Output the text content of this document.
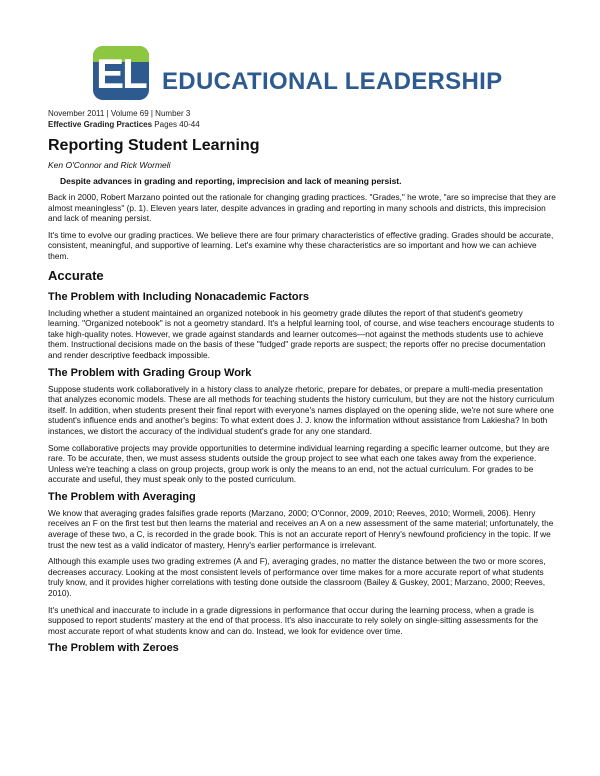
EL EDUCATIONAL LEADERSHIP
November 2011 | Volume 69 | Number 3
Effective Grading Practices Pages 40-44
Reporting Student Learning
Ken O'Connor and Rick Wormeli
Despite advances in grading and reporting, imprecision and lack of meaning persist.

Back in 2000, Robert Marzano pointed out the rationale for changing grading practices. "Grades," he wrote, "are so imprecise that they are almost meaningless" (p. 1). Eleven years later, despite advances in grading and reporting in many schools and districts, this imprecision and lack of meaning persist.

It's time to evolve our grading practices. We believe there are four primary characteristics of effective grading. Grades should be accurate, consistent, meaningful, and supportive of learning. Let's examine why these characteristics are so important and how we can achieve them.

Accurate
The Problem with Including Nonacademic Factors

Including whether a student maintained an organized notebook in his geometry grade dilutes the report of that student's geometry learning. "Organized notebook" is not a geometry standard. It's a helpful learning tool, of course, and wise teachers encourage students to take high-quality notes. However, we grade against standards and learner outcomes—not against the methods students use to achieve them. Instructional decisions made on the basis of these "fudged" grade reports are suspect; the reports offer no precise documentation and render descriptive feedback impossible.

The Problem with Grading Group Work

Suppose students work collaboratively in a history class to analyze rhetoric, prepare for debates, or prepare a multi-media presentation that analyzes economic models. These are all methods for teaching students the history curriculum, but they are not the history curriculum itself. In addition, when students present their final report with everyone's names displayed on the opening slide, we're not sure where one student's influence ends and another's begins: To what extent does J. J. know the information without assistance from Lakiesha? In both instances, we distort the accuracy of the individual student's grade for any one standard.

Some collaborative projects may provide opportunities to determine individual learning regarding a specific learner outcome, but they are rare. To be accurate, then, we must assess students outside the group project to see what each one takes away from the experience. Unless we're teaching a class on group projects, group work is only the means to an end, not the actual curriculum. For grades to be accurate and useful, they must speak only to the posted curriculum.

The Problem with Averaging

We know that averaging grades falsifies grade reports (Marzano, 2000; O'Connor, 2009, 2010; Reeves, 2010; Wormeli, 2006). Henry receives an F on the first test but then learns the material and receives an A on a new assessment of the same material; unfortunately, the average of these two, a C, is recorded in the grade book. This is not an accurate report of Henry's newfound proficiency in the topic. If we trust the new test as a valid indicator of mastery, Henry's earlier performance is irrelevant.

Although this example uses two grading extremes (A and F), averaging grades, no matter the distance between the two or more scores, decreases accuracy. Looking at the most consistent levels of performance over time makes for a more accurate report of what students truly know, and it provides higher correlations with testing done outside the classroom (Bailey & Guskey, 2001; Marzano, 2000; Reeves, 2010).

It's unethical and inaccurate to include in a grade digressions in performance that occur during the learning process, when a grade is supposed to report students' mastery at the end of that process. It's also inaccurate to rely solely on single-sitting assessments for the most accurate report of what students know and can do. Instead, we look for evidence over time.

The Problem with Zeroes
